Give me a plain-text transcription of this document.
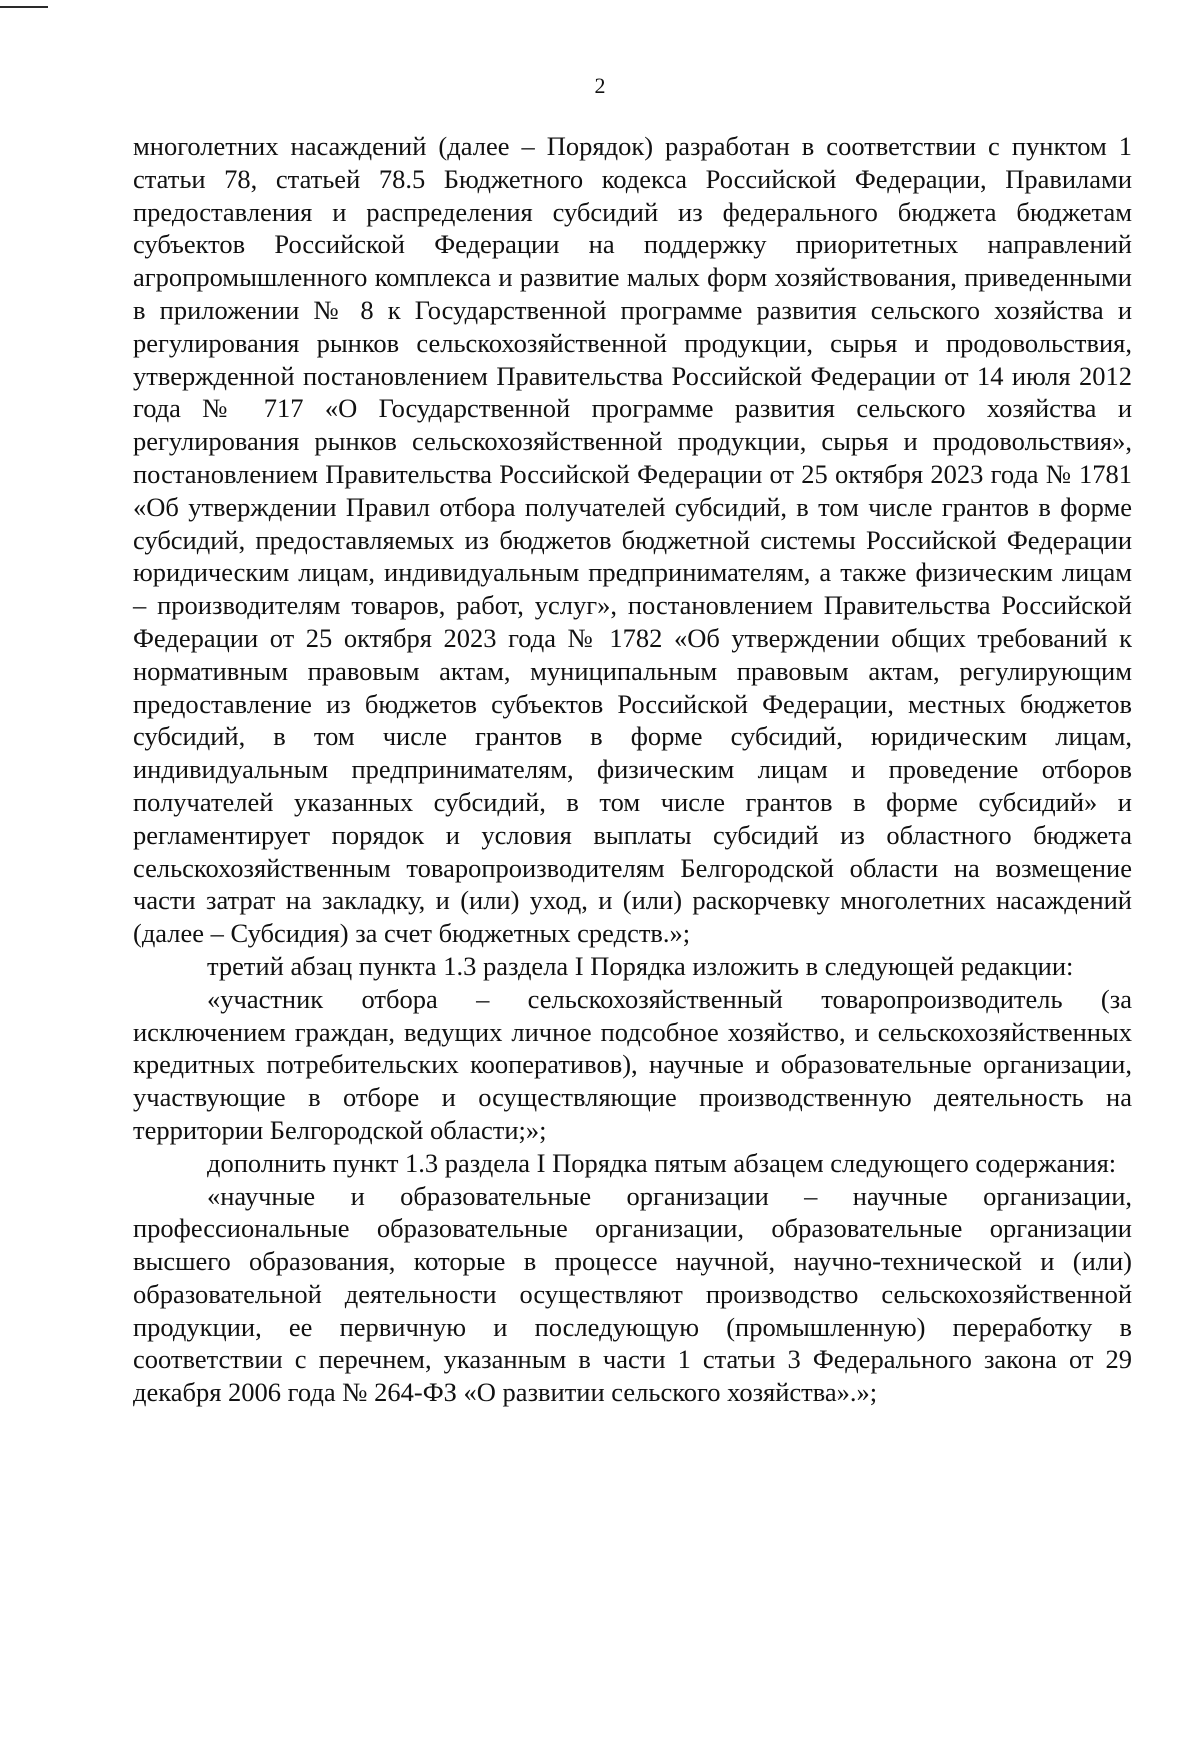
2

многолетних насаждений (далее – Порядок) разработан в соответствии с пунктом 1 статьи 78, статьей 78.5 Бюджетного кодекса Российской Федерации, Правилами предоставления и распределения субсидий из федерального бюджета бюджетам субъектов Российской Федерации на поддержку приоритетных направлений агропромышленного комплекса и развитие малых форм хозяйствования, приведенными в приложении № 8 к Государственной программе развития сельского хозяйства и регулирования рынков сельскохозяйственной продукции, сырья и продовольствия, утвержденной постановлением Правительства Российской Федерации от 14 июля 2012 года № 717 «О Государственной программе развития сельского хозяйства и регулирования рынков сельскохозяйственной продукции, сырья и продовольствия», постановлением Правительства Российской Федерации от 25 октября 2023 года № 1781 «Об утверждении Правил отбора получателей субсидий, в том числе грантов в форме субсидий, предоставляемых из бюджетов бюджетной системы Российской Федерации юридическим лицам, индивидуальным предпринимателям, а также физическим лицам – производителям товаров, работ, услуг», постановлением Правительства Российской Федерации от 25 октября 2023 года № 1782 «Об утверждении общих требований к нормативным правовым актам, муниципальным правовым актам, регулирующим предоставление из бюджетов субъектов Российской Федерации, местных бюджетов субсидий, в том числе грантов в форме субсидий, юридическим лицам, индивидуальным предпринимателям, физическим лицам и проведение отборов получателей указанных субсидий, в том числе грантов в форме субсидий» и регламентирует порядок и условия выплаты субсидий из областного бюджета сельскохозяйственным товаропроизводителям Белгородской области на возмещение части затрат на закладку, и (или) уход, и (или) раскорчевку многолетних насаждений (далее – Субсидия) за счет бюджетных средств.»;

третий абзац пункта 1.3 раздела I Порядка изложить в следующей редакции:

«участник отбора – сельскохозяйственный товаропроизводитель (за исключением граждан, ведущих личное подсобное хозяйство, и сельскохозяйственных кредитных потребительских кооперативов), научные и образовательные организации, участвующие в отборе и осуществляющие производственную деятельность на территории Белгородской области;»;

дополнить пункт 1.3 раздела I Порядка пятым абзацем следующего содержания:

«научные и образовательные организации – научные организации, профессиональные образовательные организации, образовательные организации высшего образования, которые в процессе научной, научно-технической и (или) образовательной деятельности осуществляют производство сельскохозяйственной продукции, ее первичную и последующую (промышленную) переработку в соответствии с перечнем, указанным в части 1 статьи 3 Федерального закона от 29 декабря 2006 года № 264-ФЗ «О развитии сельского хозяйства».»;
